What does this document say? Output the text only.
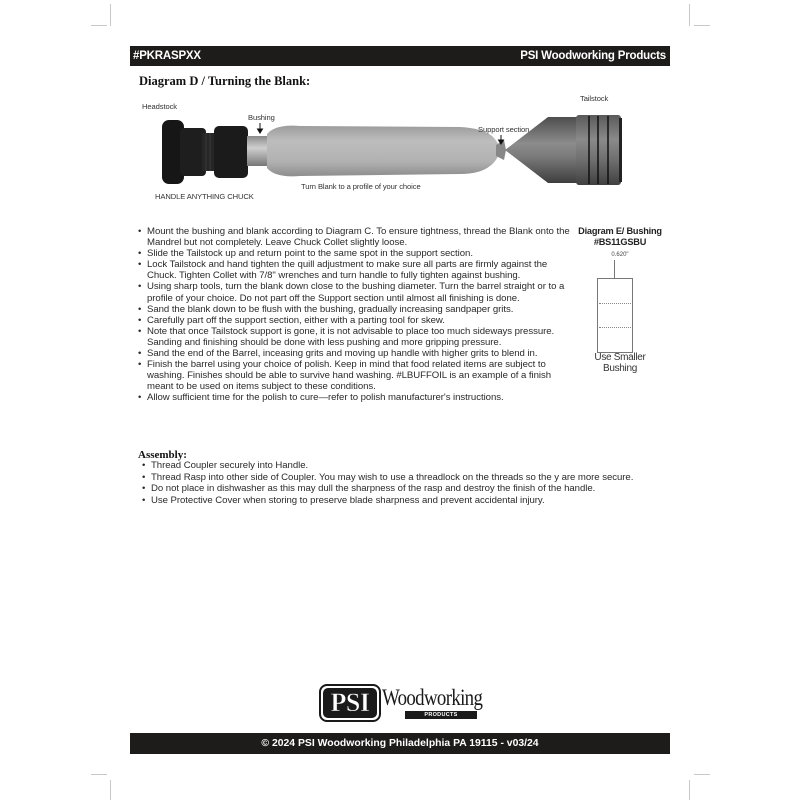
#PKRASPXX	PSI Woodworking Products
Diagram D / Turning the Blank:
Headstock
Bushing
HANDLE ANYTHING CHUCK
Turn Blank to a profile of your choice
Support section
Tailstock
• Mount the bushing and blank according to Diagram C. To ensure tightness, thread the Blank onto the Mandrel but not completely. Leave Chuck Collet slightly loose.
• Slide the Tailstock up and return point to the same spot in the support section.
• Lock Tailstock and hand tighten the quill adjustment to make sure all parts are firmly against the Chuck. Tighten Collet with 7/8" wrenches and turn handle to fully tighten against bushing.
• Using sharp tools, turn the blank down close to the bushing diameter. Turn the barrel straight or to a profile of your choice. Do not part off the Support section until almost all finishing is done.
• Sand the blank down to be flush with the bushing, gradually increasing sandpaper grits.
• Carefully part off the support section, either with a parting tool for skew.
• Note that once Tailstock support is gone, it is not advisable to place too much sideways pressure. Sanding and finishing should be done with less pushing and more gripping pressure.
• Sand the end of the Barrel, inceasing grits and moving up handle with higher grits to blend in.
• Finish the barrel using your choice of polish. Keep in mind that food related items are subject to washing. Finishes should be able to survive hand washing. #LBUFFOIL is an example of a finish meant to be used on items subject to these conditions.
• Allow sufficient time for the polish to cure—refer to polish manufacturer's instructions.
Diagram E/ Bushing
#BS11GSBU
0.620"
Use Smaller
Bushing
Assembly:
• Thread Coupler securely into Handle.
• Thread Rasp into other side of Coupler. You may wish to use a threadlock on the threads so the y are more secure.
• Do not place in dishwasher as this may dull the sharpness of the rasp and destroy the finish of the handle.
• Use Protective Cover when storing to preserve blade sharpness and prevent accidental injury.
PSI Woodworking
PRODUCTS
© 2024 PSI Woodworking Philadelphia PA 19115 - v03/24
